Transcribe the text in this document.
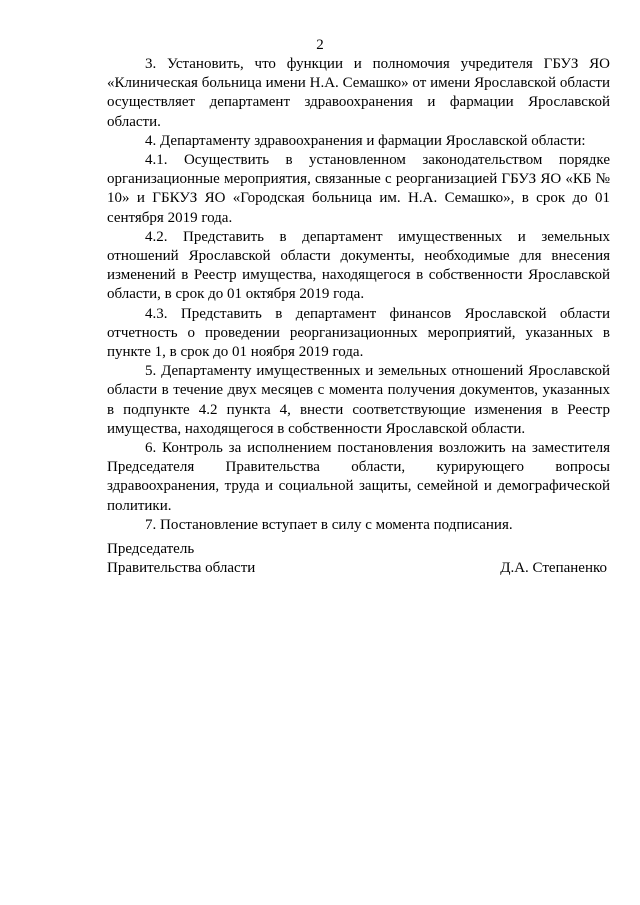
2

3. Установить, что функции и полномочия учредителя ГБУЗ ЯО «Клиническая больница имени Н.А. Семашко» от имени Ярославской области осуществляет департамент здравоохранения и фармации Ярославской области.

4. Департаменту здравоохранения и фармации Ярославской области:

4.1. Осуществить в установленном законодательством порядке организационные мероприятия, связанные с реорганизацией ГБУЗ ЯО «КБ № 10» и ГБКУЗ ЯО «Городская больница им. Н.А. Семашко», в срок до 01 сентября 2019 года.

4.2. Представить в департамент имущественных и земельных отношений Ярославской области документы, необходимые для внесения изменений в Реестр имущества, находящегося в собственности Ярославской области, в срок до 01 октября 2019 года.

4.3. Представить в департамент финансов Ярославской области отчетность о проведении реорганизационных мероприятий, указанных в пункте 1, в срок до 01 ноября 2019 года.

5. Департаменту имущественных и земельных отношений Ярославской области в течение двух месяцев с момента получения документов, указанных в подпункте 4.2 пункта 4, внести соответствующие изменения в Реестр имущества, находящегося в собственности Ярославской области.

6. Контроль за исполнением постановления возложить на заместителя Председателя Правительства области, курирующего вопросы здравоохранения, труда и социальной защиты, семейной и демографической политики.

7. Постановление вступает в силу с момента подписания.

Председатель
Правительства области	Д.А. Степаненко
